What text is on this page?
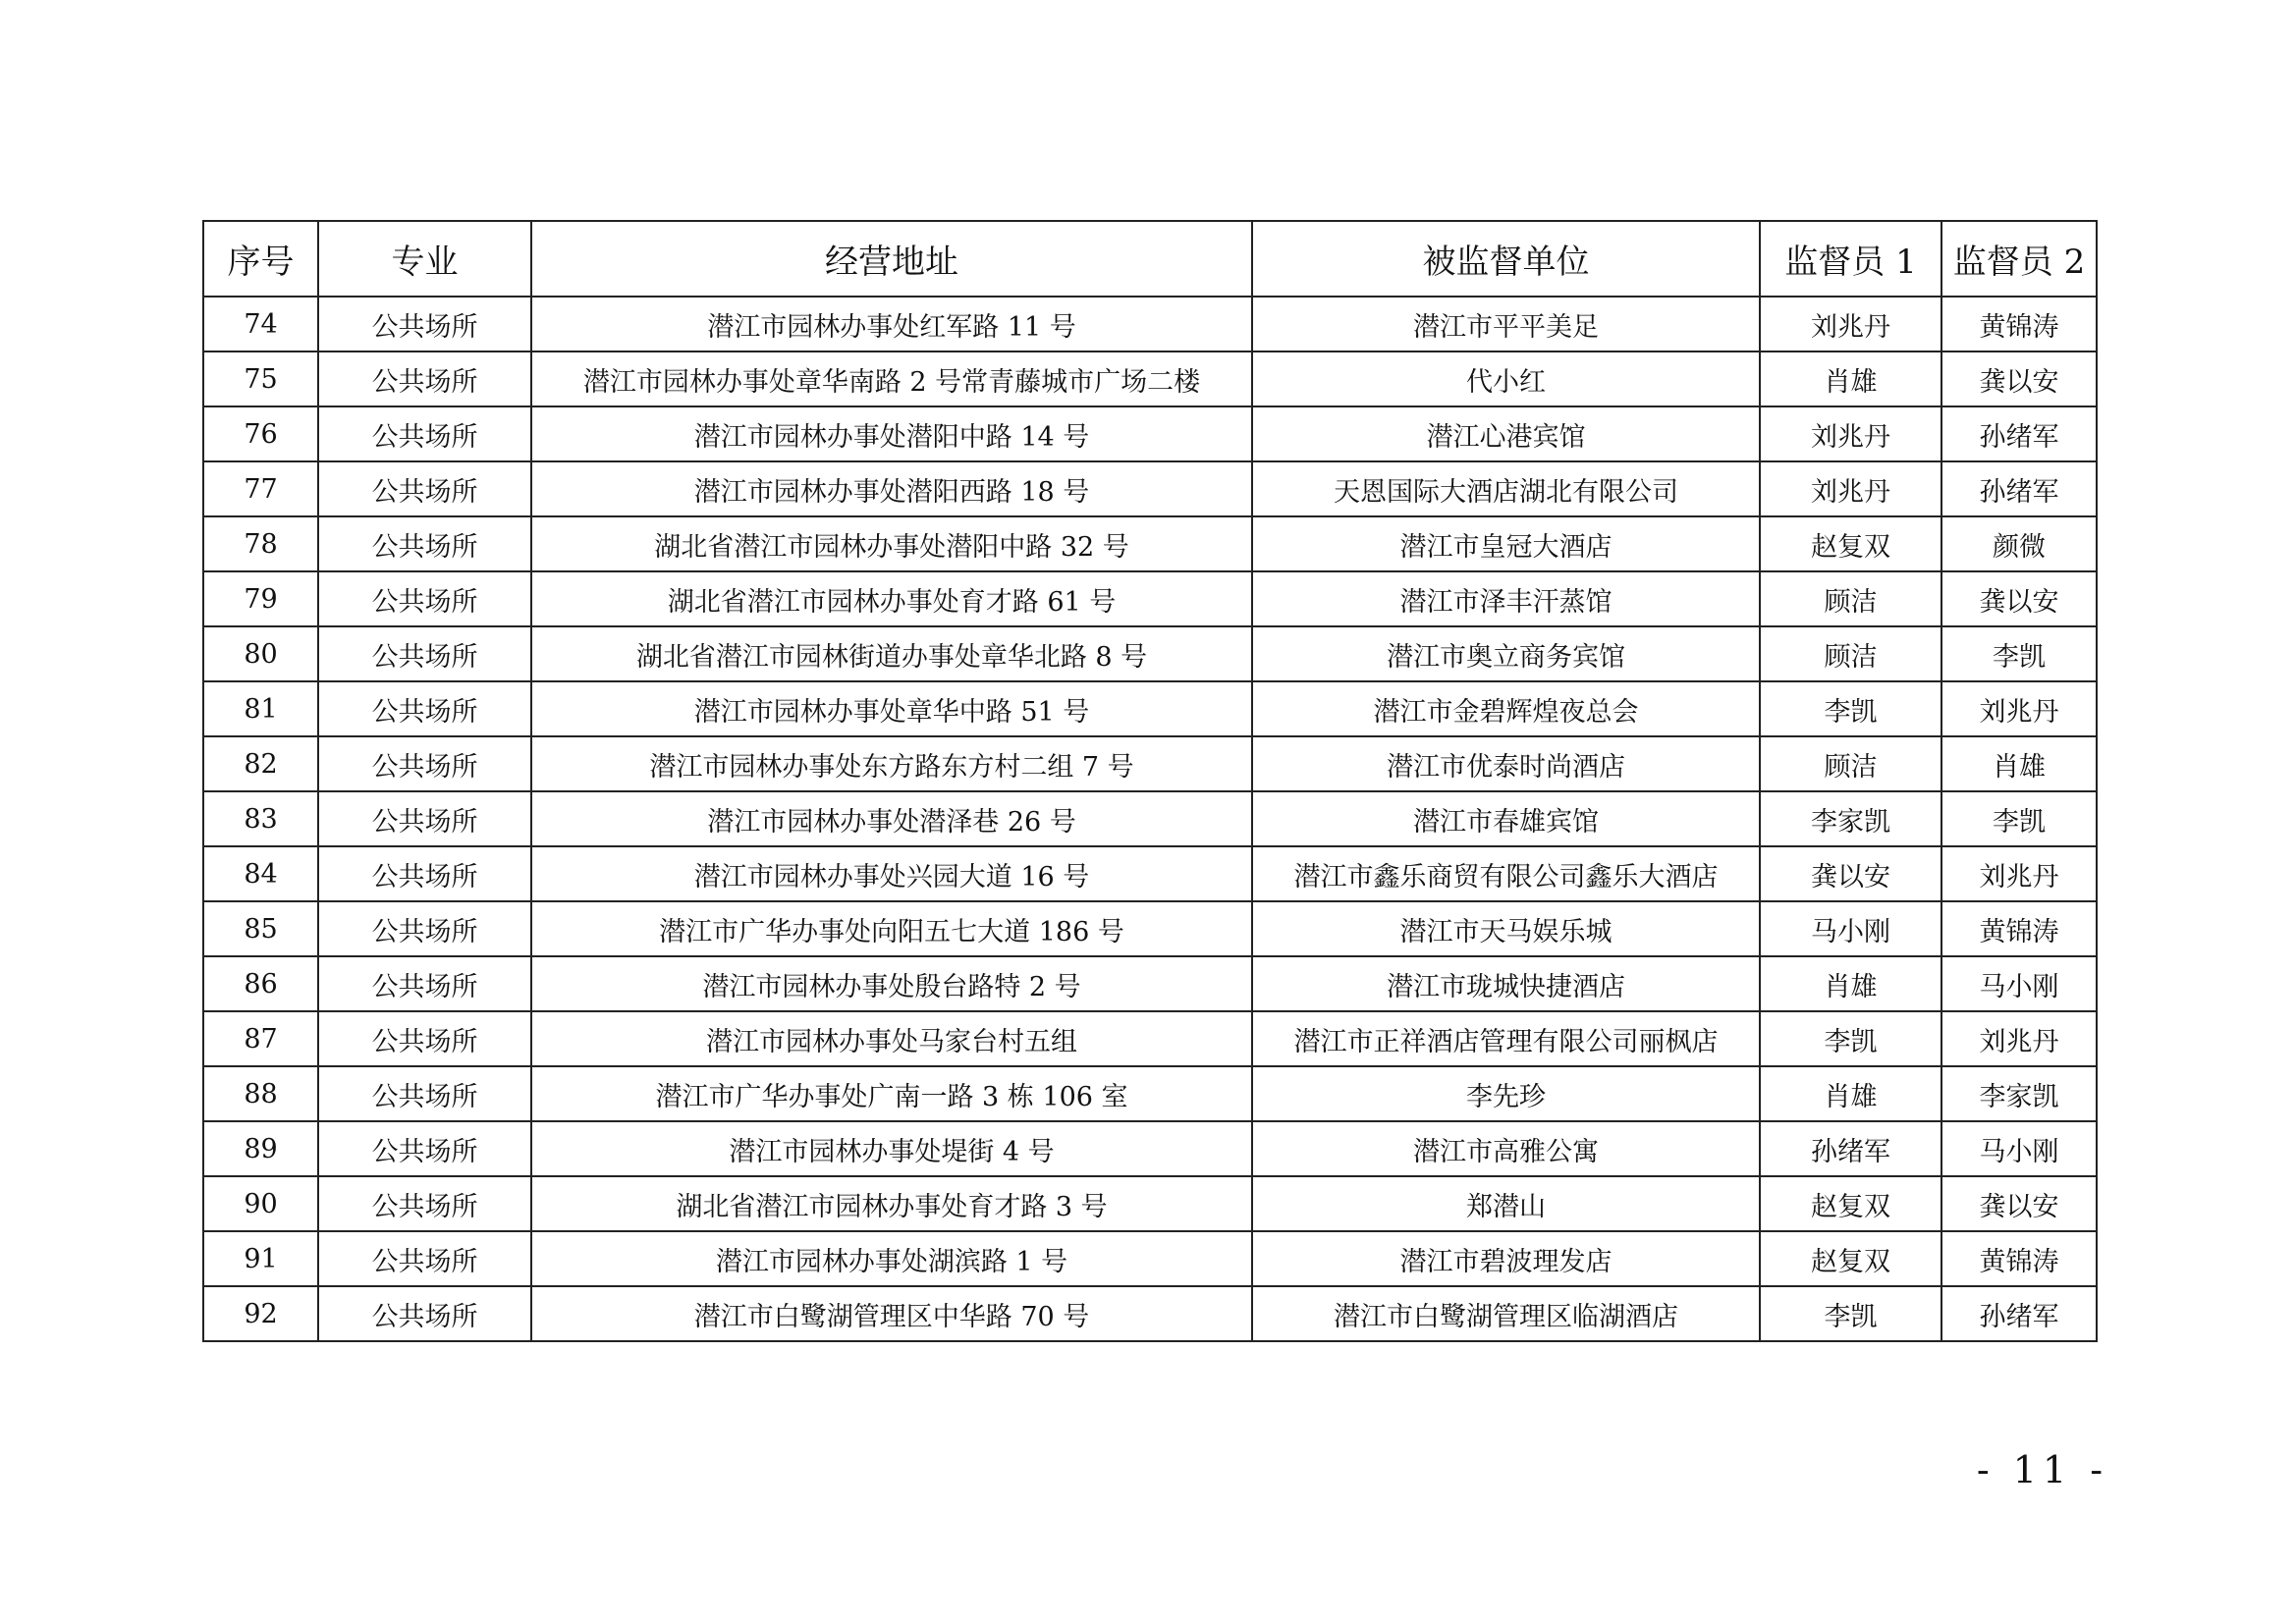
序号	专业	经营地址	被监督单位	监督员 1	监督员 2
74	公共场所	潜江市园林办事处红军路 11 号	潜江市平平美足	刘兆丹	黄锦涛
75	公共场所	潜江市园林办事处章华南路 2 号常青藤城市广场二楼	代小红	肖雄	龚以安
76	公共场所	潜江市园林办事处潜阳中路 14 号	潜江心港宾馆	刘兆丹	孙绪军
77	公共场所	潜江市园林办事处潜阳西路 18 号	天恩国际大酒店湖北有限公司	刘兆丹	孙绪军
78	公共场所	湖北省潜江市园林办事处潜阳中路 32 号	潜江市皇冠大酒店	赵复双	颜微
79	公共场所	湖北省潜江市园林办事处育才路 61 号	潜江市泽丰汗蒸馆	顾洁	龚以安
80	公共场所	湖北省潜江市园林街道办事处章华北路 8 号	潜江市奥立商务宾馆	顾洁	李凯
81	公共场所	潜江市园林办事处章华中路 51 号	潜江市金碧辉煌夜总会	李凯	刘兆丹
82	公共场所	潜江市园林办事处东方路东方村二组 7 号	潜江市优泰时尚酒店	顾洁	肖雄
83	公共场所	潜江市园林办事处潜泽巷 26 号	潜江市春雄宾馆	李家凯	李凯
84	公共场所	潜江市园林办事处兴园大道 16 号	潜江市鑫乐商贸有限公司鑫乐大酒店	龚以安	刘兆丹
85	公共场所	潜江市广华办事处向阳五七大道 186 号	潜江市天马娱乐城	马小刚	黄锦涛
86	公共场所	潜江市园林办事处殷台路特 2 号	潜江市珑城快捷酒店	肖雄	马小刚
87	公共场所	潜江市园林办事处马家台村五组	潜江市正祥酒店管理有限公司丽枫店	李凯	刘兆丹
88	公共场所	潜江市广华办事处广南一路 3 栋 106 室	李先珍	肖雄	李家凯
89	公共场所	潜江市园林办事处堤街 4 号	潜江市高雅公寓	孙绪军	马小刚
90	公共场所	湖北省潜江市园林办事处育才路 3 号	郑潜山	赵复双	龚以安
91	公共场所	潜江市园林办事处湖滨路 1 号	潜江市碧波理发店	赵复双	黄锦涛
92	公共场所	潜江市白鹭湖管理区中华路 70 号	潜江市白鹭湖管理区临湖酒店	李凯	孙绪军
- 11 -
